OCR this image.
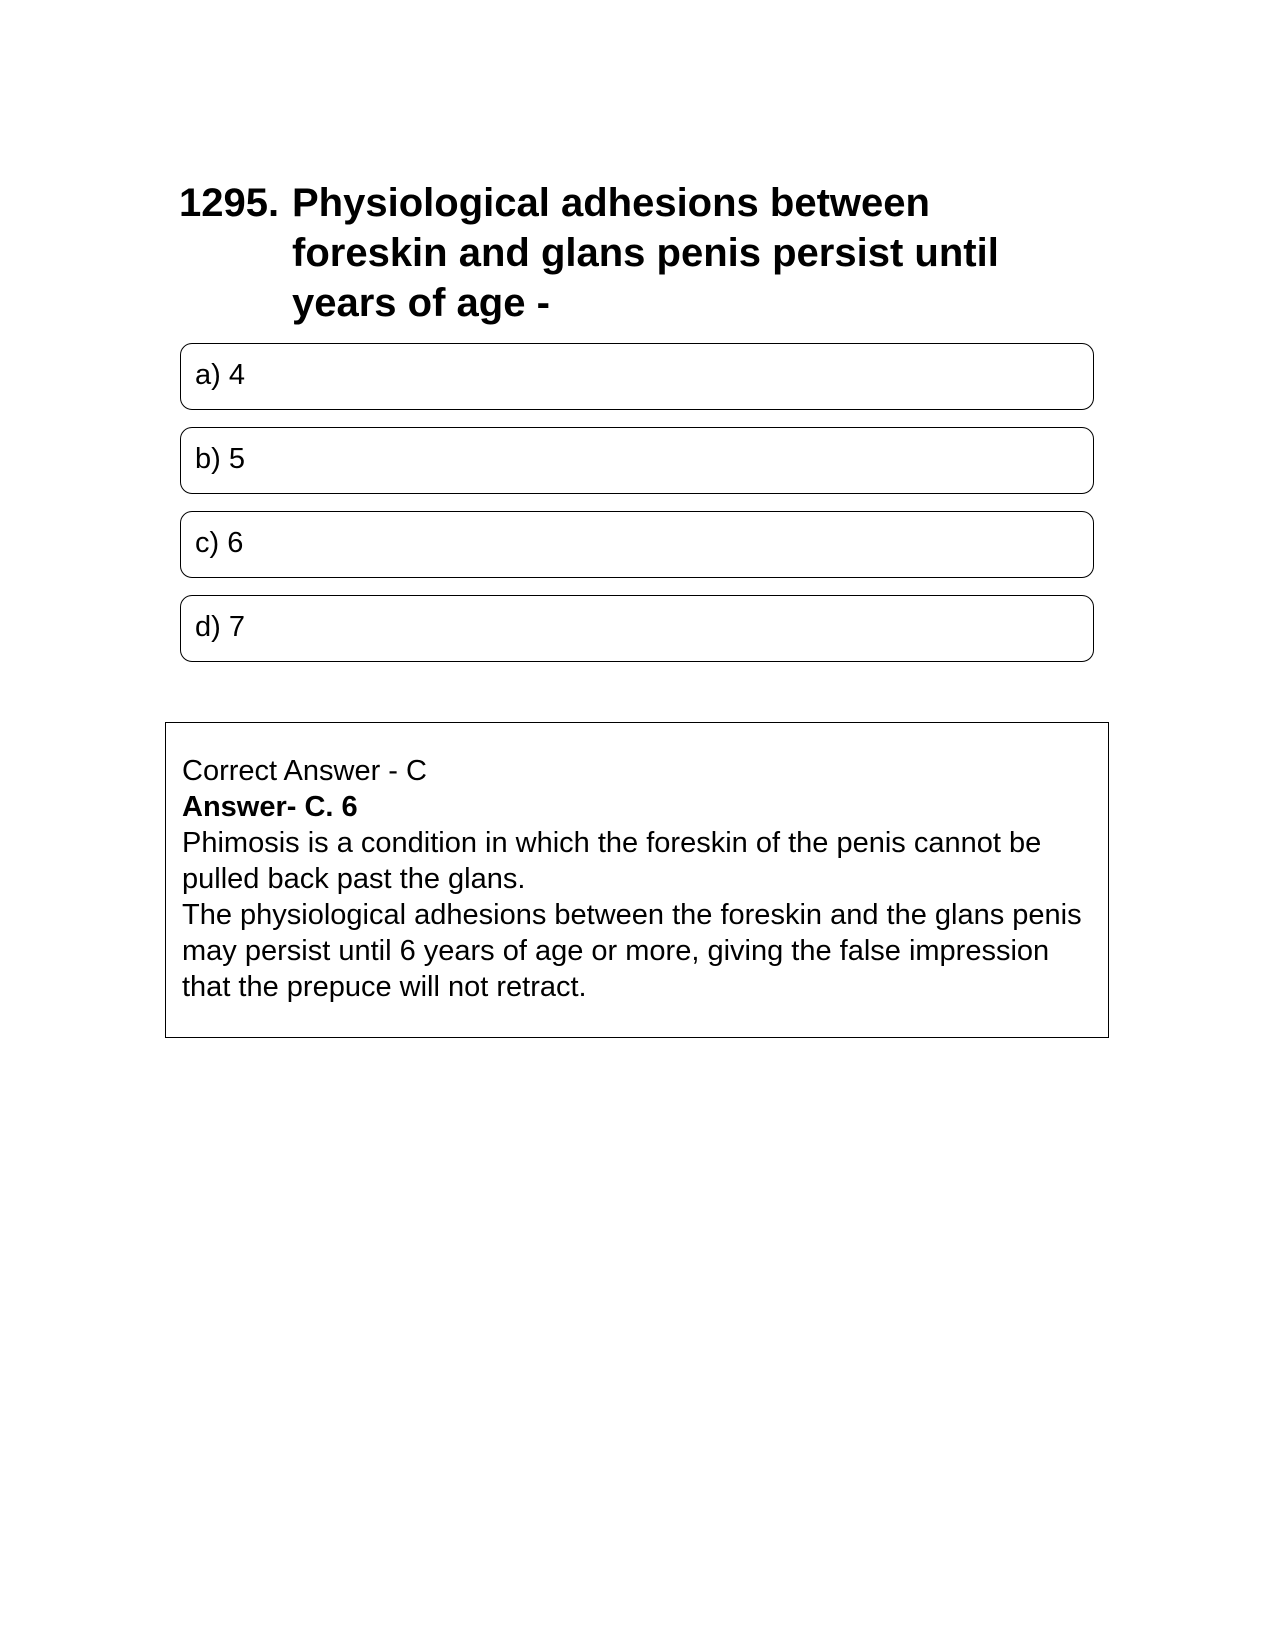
1295. Physiological adhesions between foreskin and glans penis persist until years of age -
a) 4
b) 5
c) 6
d) 7
Correct Answer - C
Answer- C. 6
Phimosis is a condition in which the foreskin of the penis cannot be pulled back past the glans.
The physiological adhesions between the foreskin and the glans penis may persist until 6 years of age or more, giving the false impression that the prepuce will not retract.
